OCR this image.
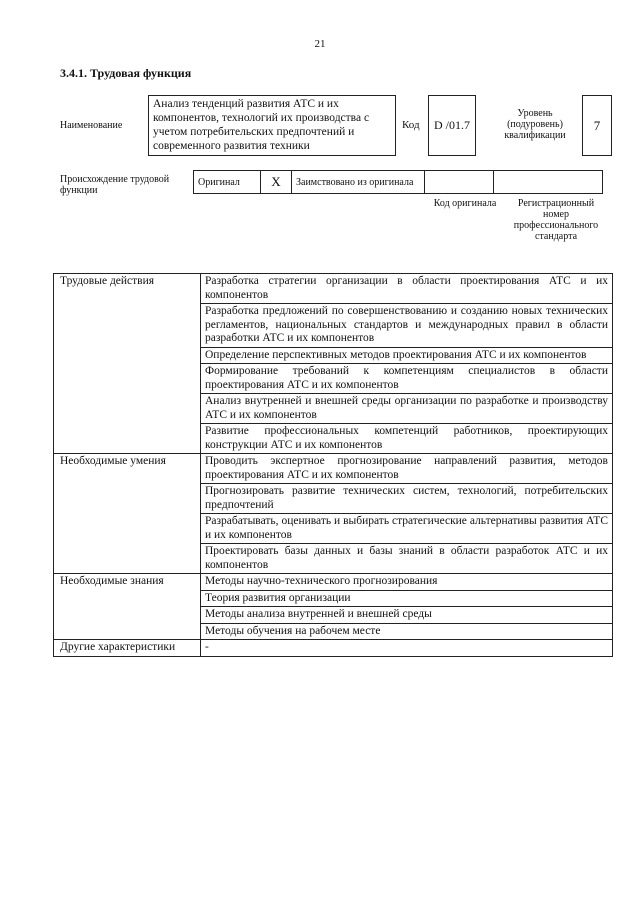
21
3.4.1. Трудовая функция
Наименование
Анализ тенденций развития АТС и их компонентов, технологий их производства с учетом потребительских предпочтений и современного развития техники
Код	D /01.7
Уровень (подуровень) квалификации
7
Происхождение трудовой функции
Оригинал	X	Заимствовано из оригинала		
Код оригинала	Регистрационный номер профессионального стандарта
Трудовые действия	Разработка стратегии организации в области проектирования АТС и их компонентов
	Разработка предложений по совершенствованию и созданию новых технических регламентов, национальных стандартов и международных правил в области разработки АТС и их компонентов
	Определение перспективных методов проектирования АТС и их компонентов
	Формирование требований к компетенциям специалистов в области проектирования АТС и их компонентов
	Анализ внутренней и внешней среды организации по разработке и производству АТС и их компонентов
	Развитие профессиональных компетенций работников, проектирующих конструкции АТС и их компонентов
Необходимые умения	Проводить экспертное прогнозирование направлений развития, методов проектирования АТС и их компонентов
	Прогнозировать развитие технических систем, технологий, потребительских предпочтений
	Разрабатывать, оценивать и выбирать стратегические альтернативы развития АТС и их компонентов
	Проектировать базы данных и базы знаний в области разработок АТС и их компонентов
Необходимые знания	Методы научно-технического прогнозирования
	Теория развития организации
	Методы анализа внутренней и внешней среды
	Методы обучения на рабочем месте
Другие характеристики	-
